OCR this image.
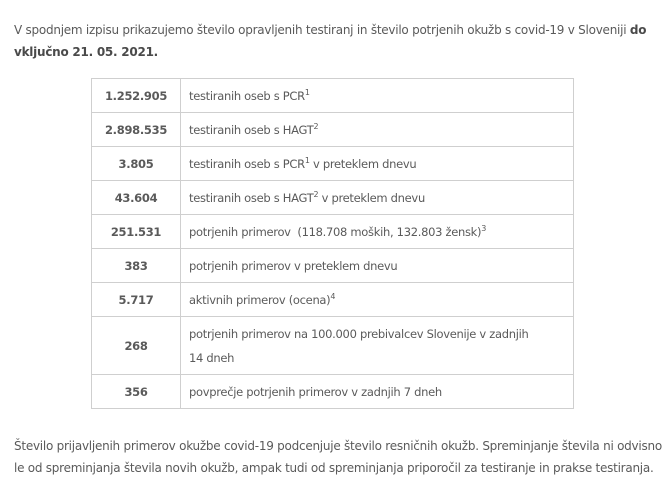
V spodnjem izpisu prikazujemo število opravljenih testiranj in število potrjenih okužb s covid-19 v Sloveniji do vključno 21. 05. 2021.

1.252.905	testiranih oseb s PCR$^1$
2.898.535	testiranih oseb s HAGT$^2$
3.805	testiranih oseb s PCR$^1$ v preteklem dnevu
43.604	testiranih oseb s HAGT$^2$ v preteklem dnevu
251.531	potrjenih primerov  (118.708 moških, 132.803 žensk)$^3$
383	potrjenih primerov v preteklem dnevu
5.717	aktivnih primerov (ocena)$^4$
268	potrjenih primerov na 100.000 prebivalcev Slovenije v zadnjih 14 dneh
356	povprečje potrjenih primerov v zadnjih 7 dneh

Število prijavljenih primerov okužbe covid-19 podcenjuje število resničnih okužb. Spreminjanje števila ni odvisno le od spreminjanja števila novih okužb, ampak tudi od spreminjanja priporočil za testiranje in prakse testiranja.
